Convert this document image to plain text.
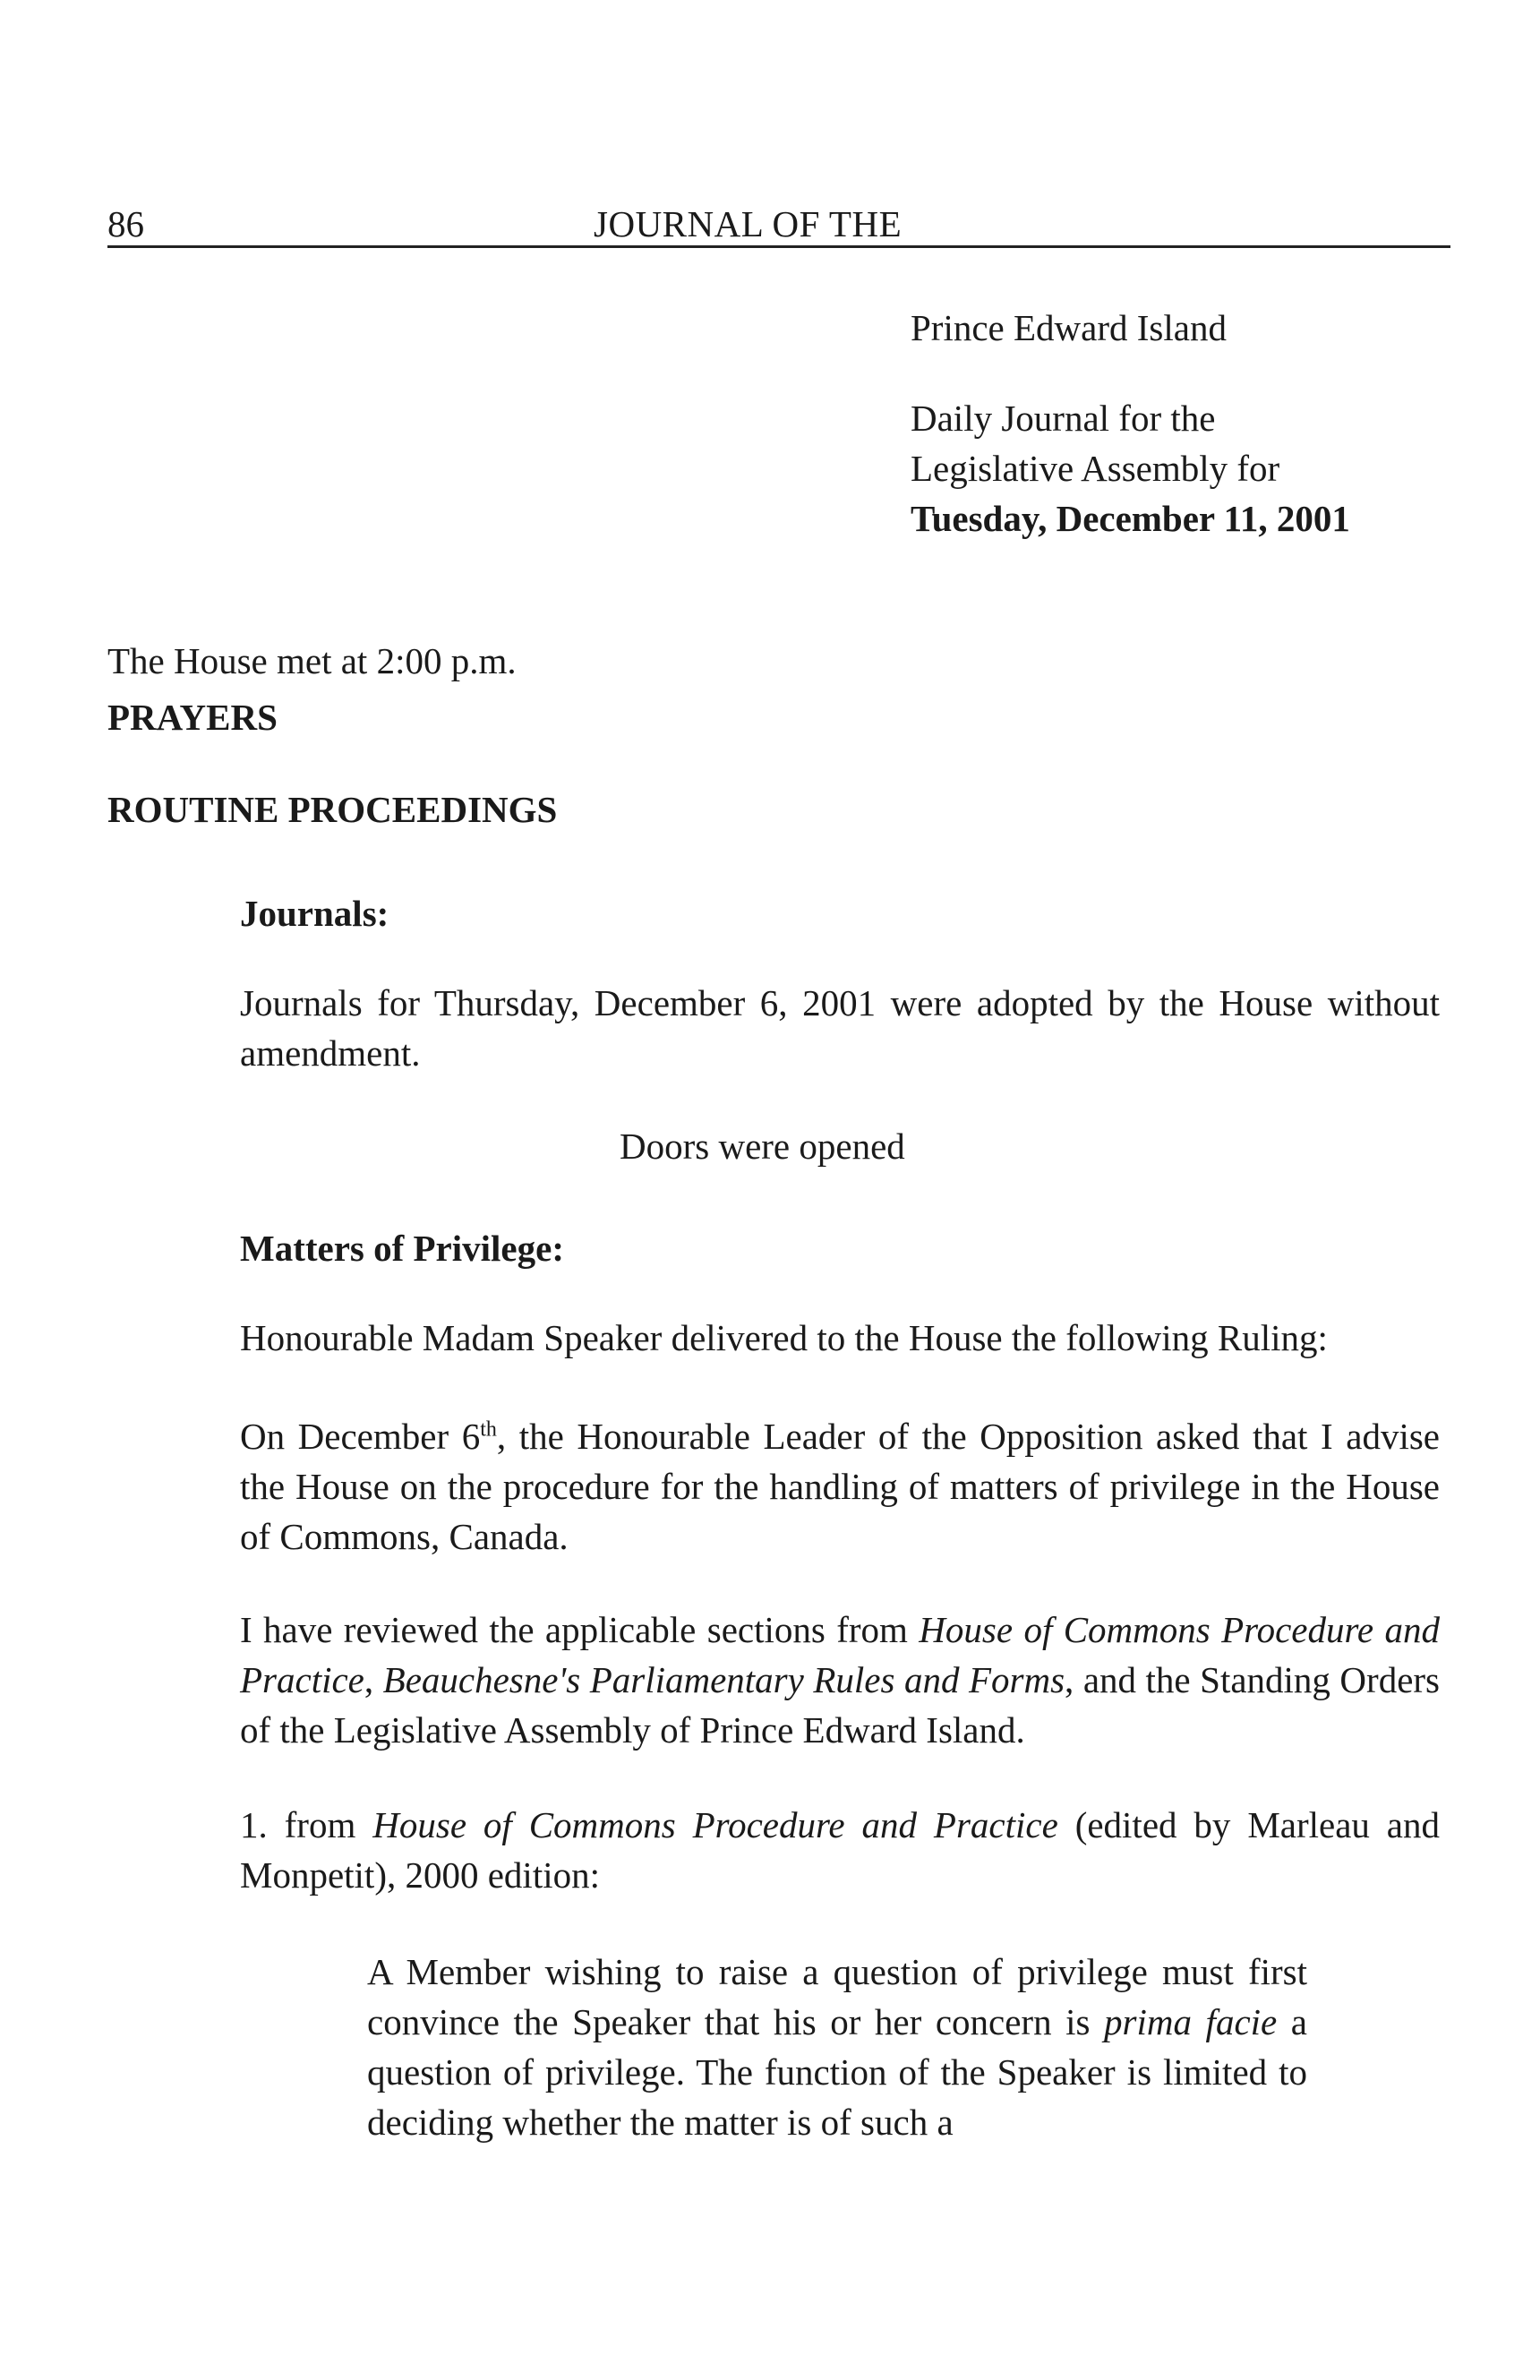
86	JOURNAL OF THE
Prince Edward Island
Daily Journal for the
Legislative Assembly for
Tuesday, December 11, 2001
The House met at 2:00 p.m.
PRAYERS
ROUTINE PROCEEDINGS
Journals:
Journals for Thursday, December 6, 2001 were adopted by the House without amendment.
Doors were opened
Matters of Privilege:
Honourable Madam Speaker delivered to the House the following Ruling:
On December 6th, the Honourable Leader of the Opposition asked that I advise the House on the procedure for the handling of matters of privilege in the House of Commons, Canada.
I have reviewed the applicable sections from House of Commons Procedure and Practice, Beauchesne's Parliamentary Rules and Forms, and the Standing Orders of the Legislative Assembly of Prince Edward Island.
1. from House of Commons Procedure and Practice (edited by Marleau and Monpetit), 2000 edition:
A Member wishing to raise a question of privilege must first convince the Speaker that his or her concern is prima facie a question of privilege. The function of the Speaker is limited to deciding whether the matter is of such a
